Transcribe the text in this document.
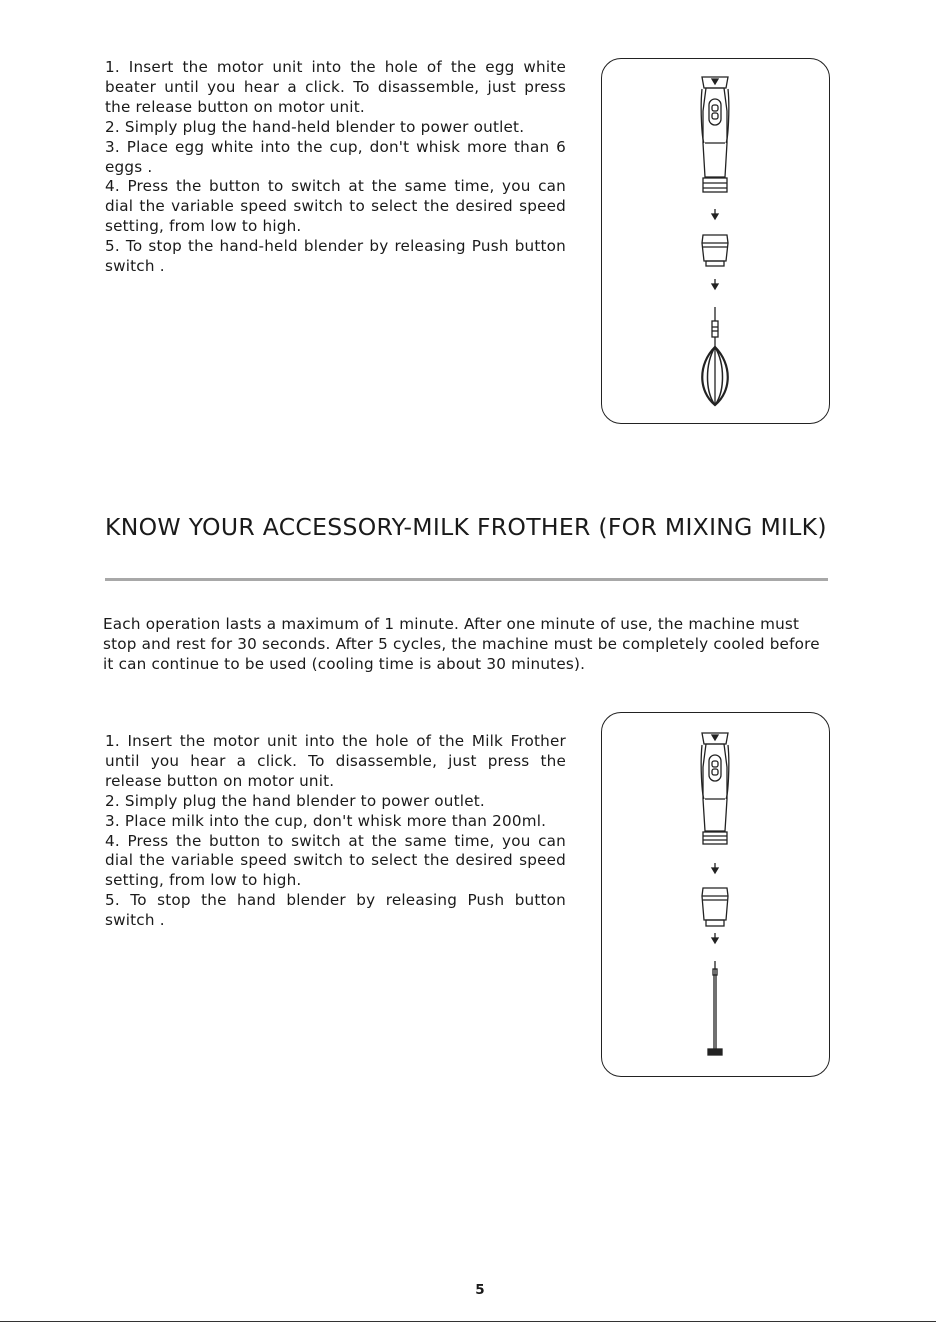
1. Insert the motor unit into the hole of the egg white beater until you hear a click. To disassemble, just press the release button on motor unit.

2. Simply plug the hand-held blender to power outlet.

3. Place egg white into the cup, don't whisk more than 6 eggs .

4. Press the button to switch at the same time, you can dial the variable speed switch to select the desired speed setting, from low to high.

5. To stop the hand-held blender by releasing Push button switch .

KNOW YOUR ACCESSORY-MILK FROTHER (FOR MIXING MILK)

Each operation lasts a maximum of 1 minute. After one minute of use, the machine must stop and rest for 30 seconds. After 5 cycles, the machine must be completely cooled before it can continue to be used (cooling time is about 30 minutes).

1. Insert the motor unit into the hole of the Milk Frother until you hear a click. To disassemble, just press the release button on motor unit.

2. Simply plug the hand blender to power outlet.

3. Place milk into the cup, don't whisk more than 200ml.

4. Press the button to switch at the same time, you can dial the variable speed switch to select the desired speed setting, from low to high.

5. To stop the hand blender by releasing Push button switch .

5
